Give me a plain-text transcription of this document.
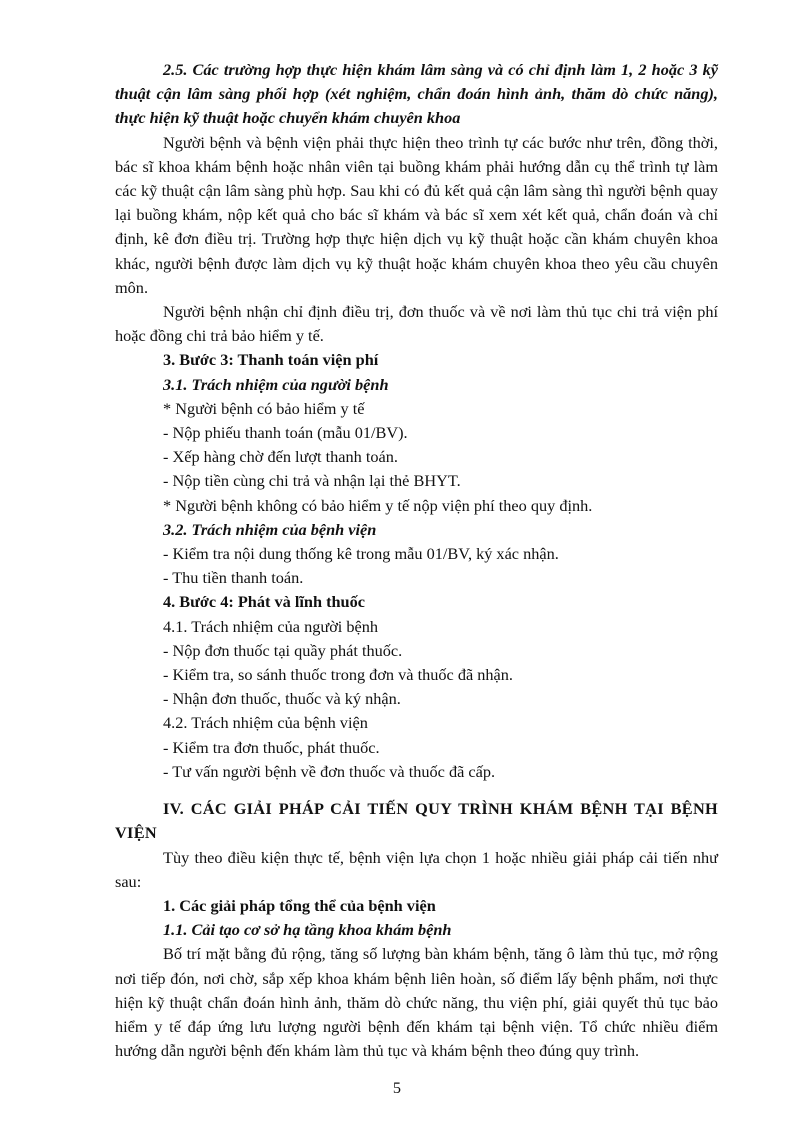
2.5. Các trường hợp thực hiện khám lâm sàng và có chỉ định làm 1, 2 hoặc 3 kỹ thuật cận lâm sàng phối hợp (xét nghiệm, chẩn đoán hình ảnh, thăm dò chức năng), thực hiện kỹ thuật hoặc chuyển khám chuyên khoa

Người bệnh và bệnh viện phải thực hiện theo trình tự các bước như trên, đồng thời, bác sĩ khoa khám bệnh hoặc nhân viên tại buồng khám phải hướng dẫn cụ thể trình tự làm các kỹ thuật cận lâm sàng phù hợp. Sau khi có đủ kết quả cận lâm sàng thì người bệnh quay lại buồng khám, nộp kết quả cho bác sĩ khám và bác sĩ xem xét kết quả, chẩn đoán và chỉ định, kê đơn điều trị. Trường hợp thực hiện dịch vụ kỹ thuật hoặc cần khám chuyên khoa khác, người bệnh được làm dịch vụ kỹ thuật hoặc khám chuyên khoa theo yêu cầu chuyên môn.

Người bệnh nhận chỉ định điều trị, đơn thuốc và về nơi làm thủ tục chi trả viện phí hoặc đồng chi trả bảo hiểm y tế.

3. Bước 3: Thanh toán viện phí

3.1. Trách nhiệm của người bệnh

* Người bệnh có bảo hiểm y tế

- Nộp phiếu thanh toán (mẫu 01/BV).

- Xếp hàng chờ đến lượt thanh toán.

- Nộp tiền cùng chi trả và nhận lại thẻ BHYT.

* Người bệnh không có bảo hiểm y tế nộp viện phí theo quy định.

3.2. Trách nhiệm của bệnh viện

- Kiểm tra nội dung thống kê trong mẫu 01/BV, ký xác nhận.

- Thu tiền thanh toán.

4. Bước 4: Phát và lĩnh thuốc

4.1. Trách nhiệm của người bệnh

- Nộp đơn thuốc tại quầy phát thuốc.

- Kiểm tra, so sánh thuốc trong đơn và thuốc đã nhận.

- Nhận đơn thuốc, thuốc và ký nhận.

4.2. Trách nhiệm của bệnh viện

- Kiểm tra đơn thuốc, phát thuốc.

- Tư vấn người bệnh về đơn thuốc và thuốc đã cấp.

IV. CÁC GIẢI PHÁP CẢI TIẾN QUY TRÌNH KHÁM BỆNH TẠI BỆNH VIỆN

Tùy theo điều kiện thực tế, bệnh viện lựa chọn 1 hoặc nhiều giải pháp cải tiến như sau:

1. Các giải pháp tổng thể của bệnh viện

1.1. Cải tạo cơ sở hạ tầng khoa khám bệnh

Bố trí mặt bằng đủ rộng, tăng số lượng bàn khám bệnh, tăng ô làm thủ tục, mở rộng nơi tiếp đón, nơi chờ, sắp xếp khoa khám bệnh liên hoàn, số điểm lấy bệnh phẩm, nơi thực hiện kỹ thuật chẩn đoán hình ảnh, thăm dò chức năng, thu viện phí, giải quyết thủ tục bảo hiểm y tế đáp ứng lưu lượng người bệnh đến khám tại bệnh viện. Tổ chức nhiều điểm hướng dẫn người bệnh đến khám làm thủ tục và khám bệnh theo đúng quy trình.

5
